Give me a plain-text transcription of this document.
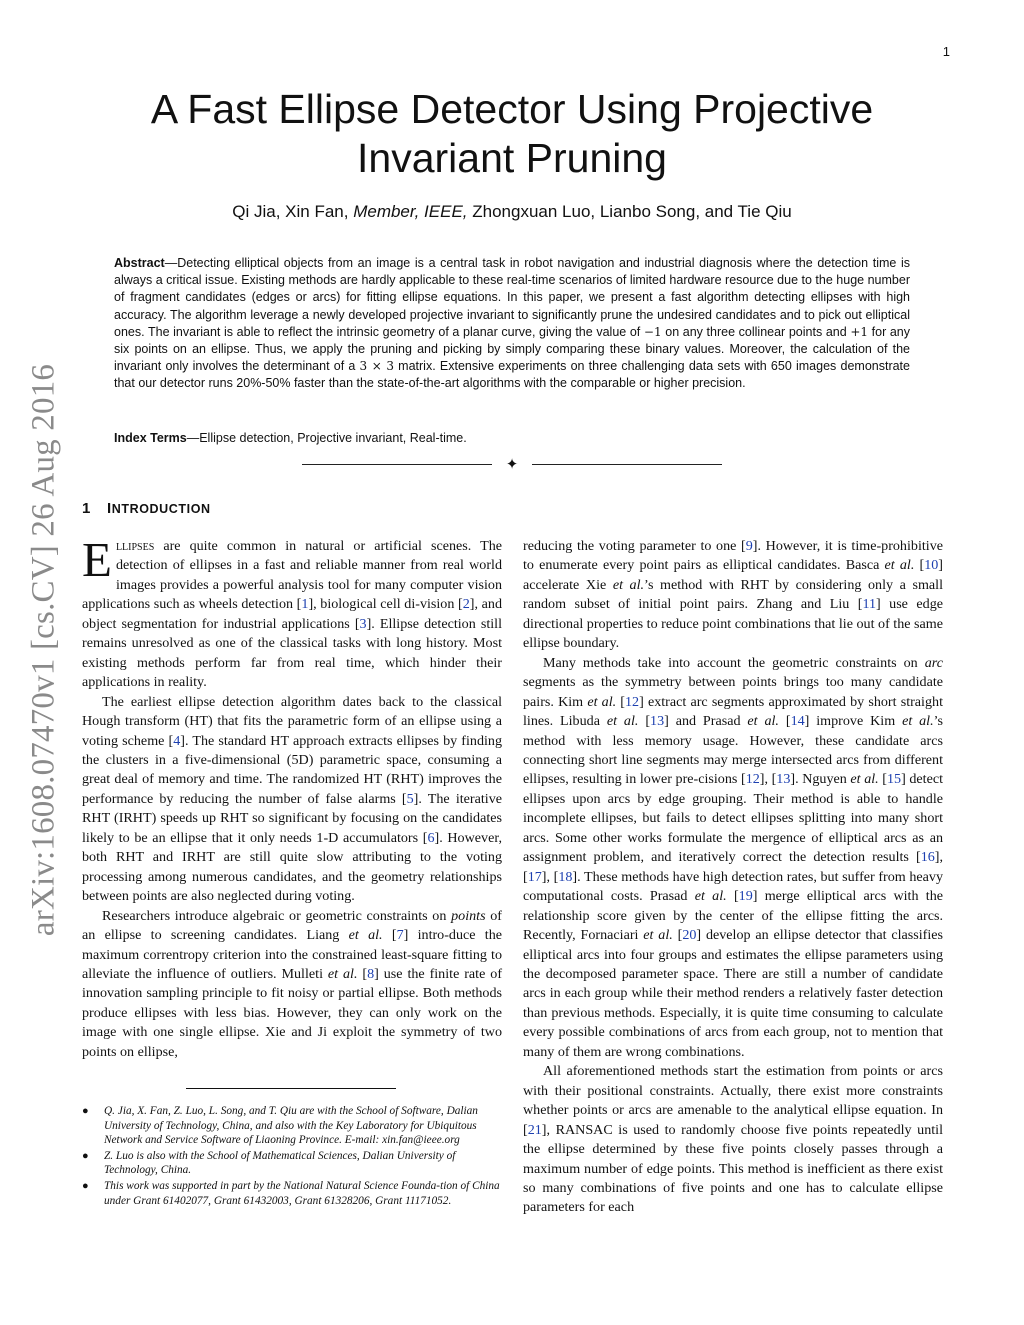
1
arXiv:1608.07470v1 [cs.CV] 26 Aug 2016
A Fast Ellipse Detector Using Projective
Invariant Pruning
Qi Jia, Xin Fan, Member, IEEE, Zhongxuan Luo, Lianbo Song, and Tie Qiu
Abstract—Detecting elliptical objects from an image is a central task in robot navigation and industrial diagnosis where the detection time is always a critical issue. Existing methods are hardly applicable to these real-time scenarios of limited hardware resource due to the huge number of fragment candidates (edges or arcs) for fitting ellipse equations. In this paper, we present a fast algorithm detecting ellipses with high accuracy. The algorithm leverage a newly developed projective invariant to significantly prune the undesired candidates and to pick out elliptical ones. The invariant is able to reflect the intrinsic geometry of a planar curve, giving the value of −1 on any three collinear points and +1 for any six points on an ellipse. Thus, we apply the pruning and picking by simply comparing these binary values. Moreover, the calculation of the invariant only involves the determinant of a 3 × 3 matrix. Extensive experiments on three challenging data sets with 650 images demonstrate that our detector runs 20%-50% faster than the state-of-the-art algorithms with the comparable or higher precision.
Index Terms—Ellipse detection, Projective invariant, Real-time.
✦
1 INTRODUCTION

Ellipses are quite common in natural or artificial scenes. The detection of ellipses in a fast and reliable manner from real world images provides a powerful analysis tool for many computer vision applications such as wheels detection [1], biological cell di-vision [2], and object segmentation for industrial applications [3]. Ellipse detection still remains unresolved as one of the classical tasks with long history. Most existing methods perform far from real time, which hinder their applications in reality.

The earliest ellipse detection algorithm dates back to the classical Hough transform (HT) that fits the parametric form of an ellipse using a voting scheme [4]. The standard HT approach extracts ellipses by finding the clusters in a five-dimensional (5D) parametric space, consuming a great deal of memory and time. The randomized HT (RHT) improves the performance by reducing the number of false alarms [5]. The iterative RHT (IRHT) speeds up RHT so significant by focusing on the candidates likely to be an ellipse that it only needs 1-D accumulators [6]. However, both RHT and IRHT are still quite slow attributing to the voting processing among numerous candidates, and the geometry relationships between points are also neglected during voting.

Researchers introduce algebraic or geometric constraints on points of an ellipse to screening candidates. Liang et al. [7] intro-duce the maximum correntropy criterion into the constrained least-square fitting to alleviate the influence of outliers. Mulleti et al. [8] use the finite rate of innovation sampling principle to fit noisy or partial ellipse. Both methods produce ellipses with less bias. However, they can only work on the image with one single ellipse. Xie and Ji exploit the symmetry of two points on ellipse,

● Q. Jia, X. Fan, Z. Luo, L. Song, and T. Qiu are with the School of Software, Dalian University of Technology, China, and also with the Key Laboratory for Ubiquitous Network and Service Software of Liaoning Province. E-mail: xin.fan@ieee.org
● Z. Luo is also with the School of Mathematical Sciences, Dalian University of Technology, China.
● This work was supported in part by the National Natural Science Founda-tion of China under Grant 61402077, Grant 61432003, Grant 61328206, Grant 11171052.

reducing the voting parameter to one [9]. However, it is time-prohibitive to enumerate every point pairs as elliptical candidates. Basca et al. [10] accelerate Xie et al.’s method with RHT by considering only a small random subset of initial point pairs. Zhang and Liu [11] use edge directional properties to reduce point combinations that lie out of the same ellipse boundary.

Many methods take into account the geometric constraints on arc segments as the symmetry between points brings too many candidate pairs. Kim et al. [12] extract arc segments approximated by short straight lines. Libuda et al. [13] and Prasad et al. [14] improve Kim et al.’s method with less memory usage. However, these candidate arcs connecting short line segments may merge intersected arcs from different ellipses, resulting in lower pre-cisions [12], [13]. Nguyen et al. [15] detect ellipses upon arcs by edge grouping. Their method is able to handle incomplete ellipses, but fails to detect ellipses splitting into many short arcs. Some other works formulate the mergence of elliptical arcs as an assignment problem, and iteratively correct the detection results [16], [17], [18]. These methods have high detection rates, but suffer from heavy computational costs. Prasad et al. [19] merge elliptical arcs with the relationship score given by the center of the ellipse fitting the arcs. Recently, Fornaciari et al. [20] develop an ellipse detector that classifies elliptical arcs into four groups and estimates the ellipse parameters using the decomposed parameter space. There are still a number of candidate arcs in each group while their method renders a relatively faster detection than previous methods. Especially, it is quite time consuming to calculate every possible combinations of arcs from each group, not to mention that many of them are wrong combinations.

All aforementioned methods start the estimation from points or arcs with their positional constraints. Actually, there exist more constraints whether points or arcs are amenable to the analytical ellipse equation. In [21], RANSAC is used to randomly choose five points repeatedly until the ellipse determined by these five points closely passes through a maximum number of edge points. This method is inefficient as there exist so many combinations of five points and one has to calculate ellipse parameters for each
